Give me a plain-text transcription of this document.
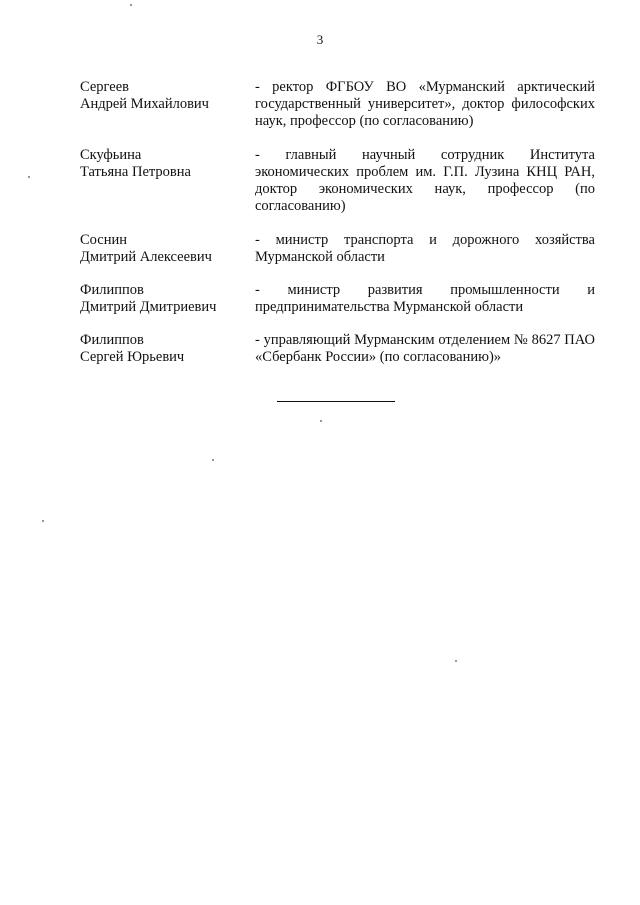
3
Сергеев
Андрей Михайлович
- ректор ФГБОУ ВО «Мурманский арктический государственный университет», доктор философских наук, профессор (по согласованию)
Скуфьина
Татьяна Петровна
- главный научный сотрудник Института экономических проблем им. Г.П. Лузина КНЦ РАН, доктор экономических наук, профессор (по согласованию)
Соснин
Дмитрий Алексеевич
- министр транспорта и дорожного хозяйства Мурманской области
Филиппов
Дмитрий Дмитриевич
- министр развития промышленности и предпринимательства Мурманской области
Филиппов
Сергей Юрьевич
- управляющий Мурманским отделением № 8627 ПАО «Сбербанк России» (по согласованию)»
